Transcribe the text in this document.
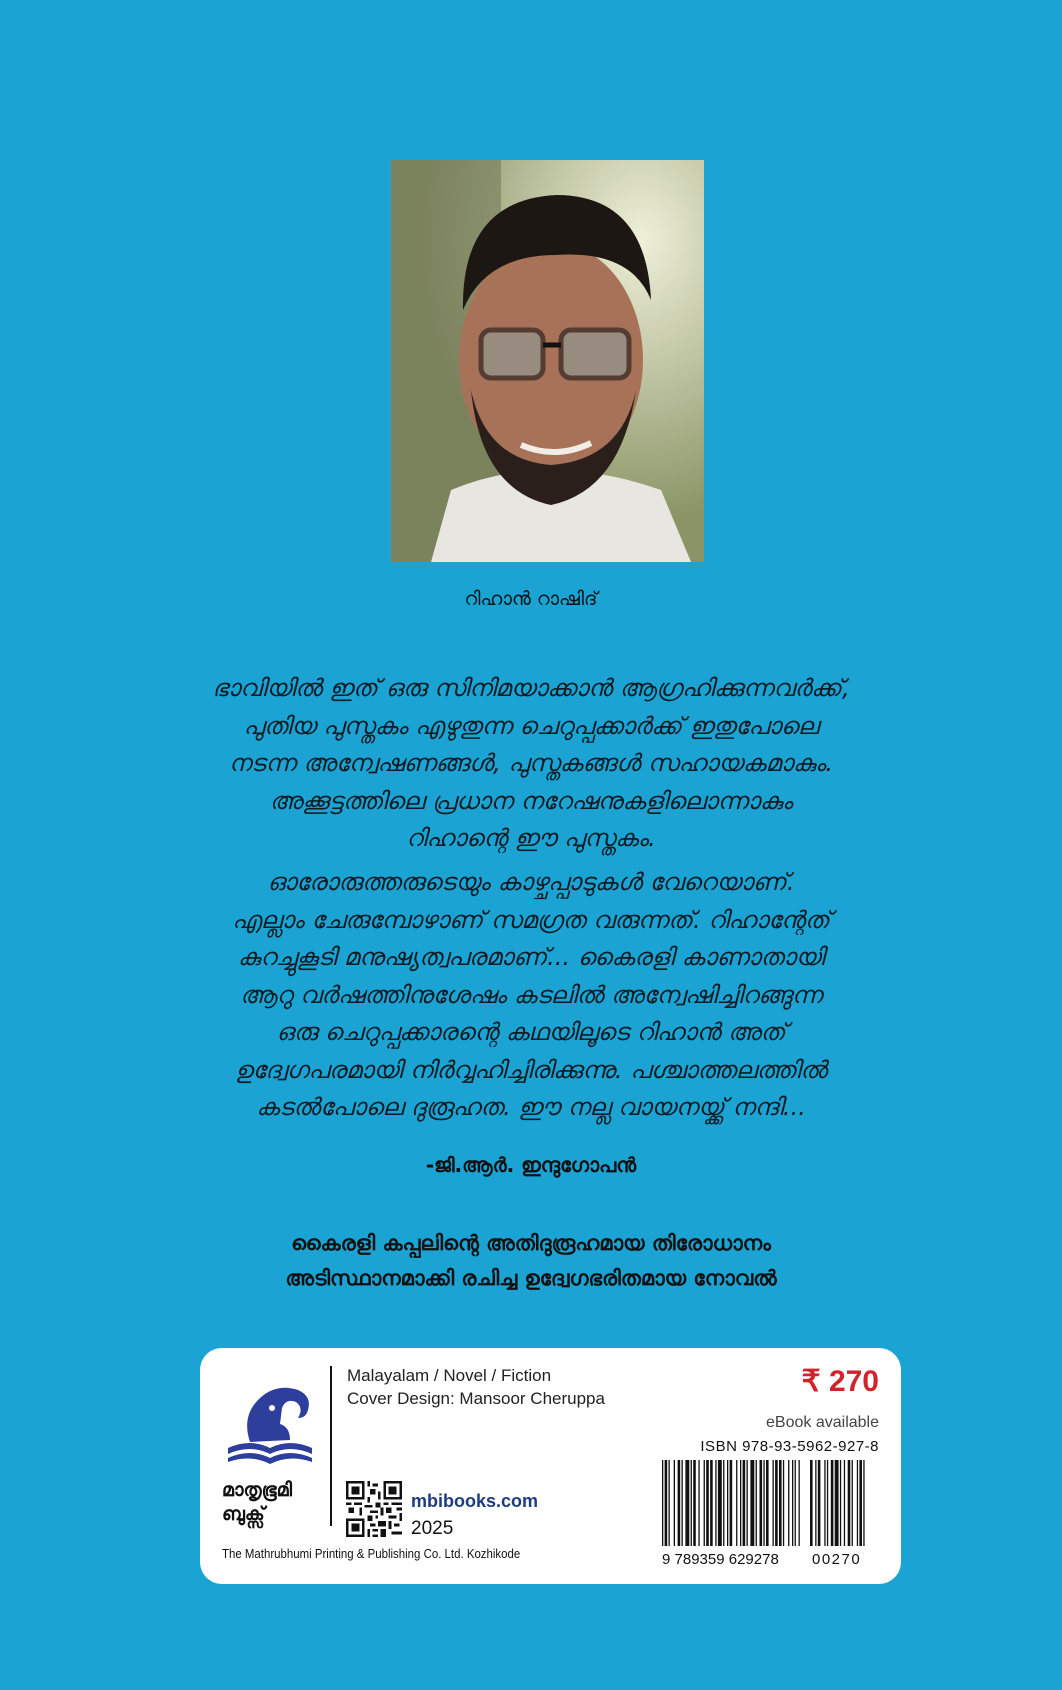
റിഹാൻ റാഷിദ്

ഭാവിയിൽ ഇത് ഒരു സിനിമയാക്കാൻ ആഗ്രഹിക്കുന്നവർക്ക്,

പുതിയ പുസ്തകം എഴുതുന്ന ചെറുപ്പക്കാർക്ക് ഇതുപോലെ

നടന്ന അന്വേഷണങ്ങൾ, പുസ്തകങ്ങൾ സഹായകമാകും.

അക്കൂട്ടത്തിലെ പ്രധാന നറേഷനുകളിലൊന്നാകും

റിഹാന്റെ ഈ പുസ്തകം.

ഓരോരുത്തരുടെയും കാഴ്ചപ്പാടുകൾ വേറെയാണ്.

എല്ലാം ചേരുമ്പോഴാണ് സമഗ്രത വരുന്നത്. റിഹാന്റേത്

കുറച്ചുകൂടി മനുഷ്യത്വപരമാണ്... കൈരളി കാണാതായി

ആറു വർഷത്തിനുശേഷം കടലിൽ അന്വേഷിച്ചിറങ്ങുന്ന

ഒരു ചെറുപ്പക്കാരന്റെ കഥയിലൂടെ റിഹാൻ അത്

ഉദ്വേഗപരമായി നിർവ്വഹിച്ചിരിക്കുന്നു. പശ്ചാത്തലത്തിൽ

കടൽപോലെ ദുരൂഹത. ഈ നല്ല വായനയ്ക്ക് നന്ദി...

-ജി.ആർ. ഇന്ദുഗോപൻ

കൈരളി കപ്പലിന്റെ അതിദുരൂഹമായ തിരോധാനം

അടിസ്ഥാനമാക്കി രചിച്ച ഉദ്വേഗഭരിതമായ നോവൽ

മാതൃഭൂമി
ബുക്സ്
The Mathrubhumi Printing & Publishing Co. Ltd. Kozhikode
Malayalam / Novel / Fiction
Cover Design: Mansoor Cheruppa
mbibooks.com
2025
₹ 270
eBook available
ISBN 978-93-5962-927-8
9 789359 629278 00270
